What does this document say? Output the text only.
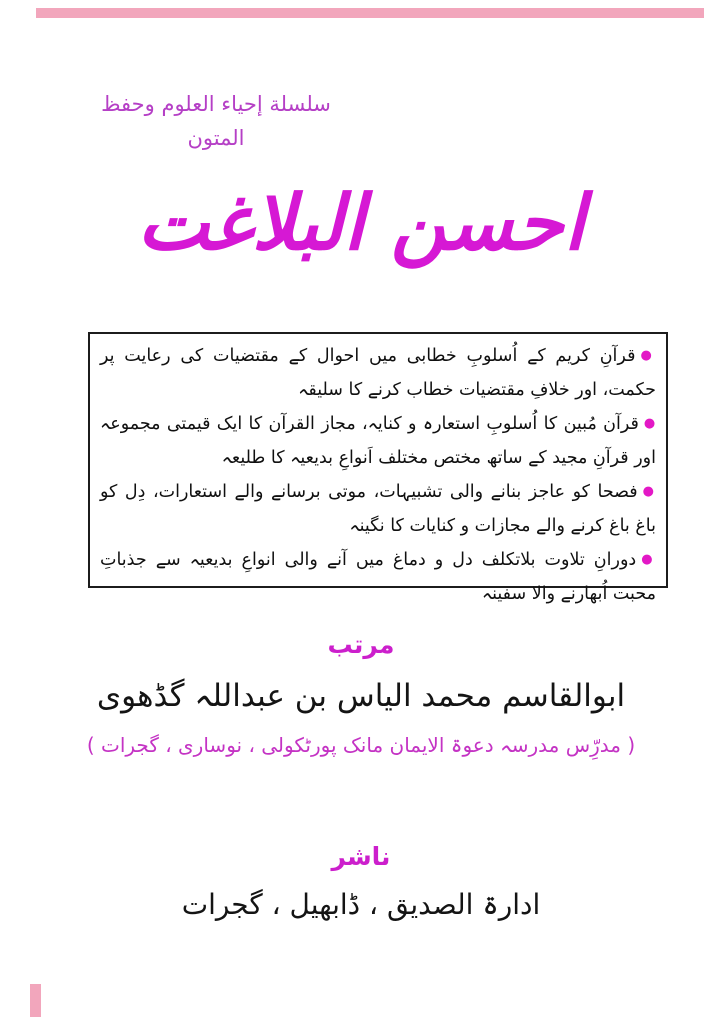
سلسلة إحياء العلوم وحفظ المتون
احسن البلاغت
●قرآنِ کریم کے اُسلوبِ خطابی میں احوال کے مقتضیات کی رعایت پر حکمت، اور خلافِ مقتضیات خطاب کرنے کا سلیقہ
●قرآن مُبین کا اُسلوبِ استعارہ و کنایہ، مجاز القرآن کا ایک قیمتی مجموعہ اور قرآنِ مجید کے ساتھ مختص مختلف اَنواعِ بدیعیہ کا طلیعہ
●فصحا کو عاجز بنانے والی تشبیہات، موتی برسانے والے استعارات، دِل کو باغ باغ کرنے والے مجازات و کنایات کا نگینہ
●دورانِ تلاوت بلاتکلف دل و دماغ میں آنے والی انواعِ بدیعیہ سے جذباتِ محبت اُبھارنے والا سفینہ
مرتب
ابوالقاسم محمد الیاس بن عبداللہ گڈھوی
( مدرِّس مدرسہ دعوۃ الایمان مانک پورٹکولی ، نوساری ، گجرات )
ناشر
ادارۃ الصدیق ، ڈابھیل ، گجرات
